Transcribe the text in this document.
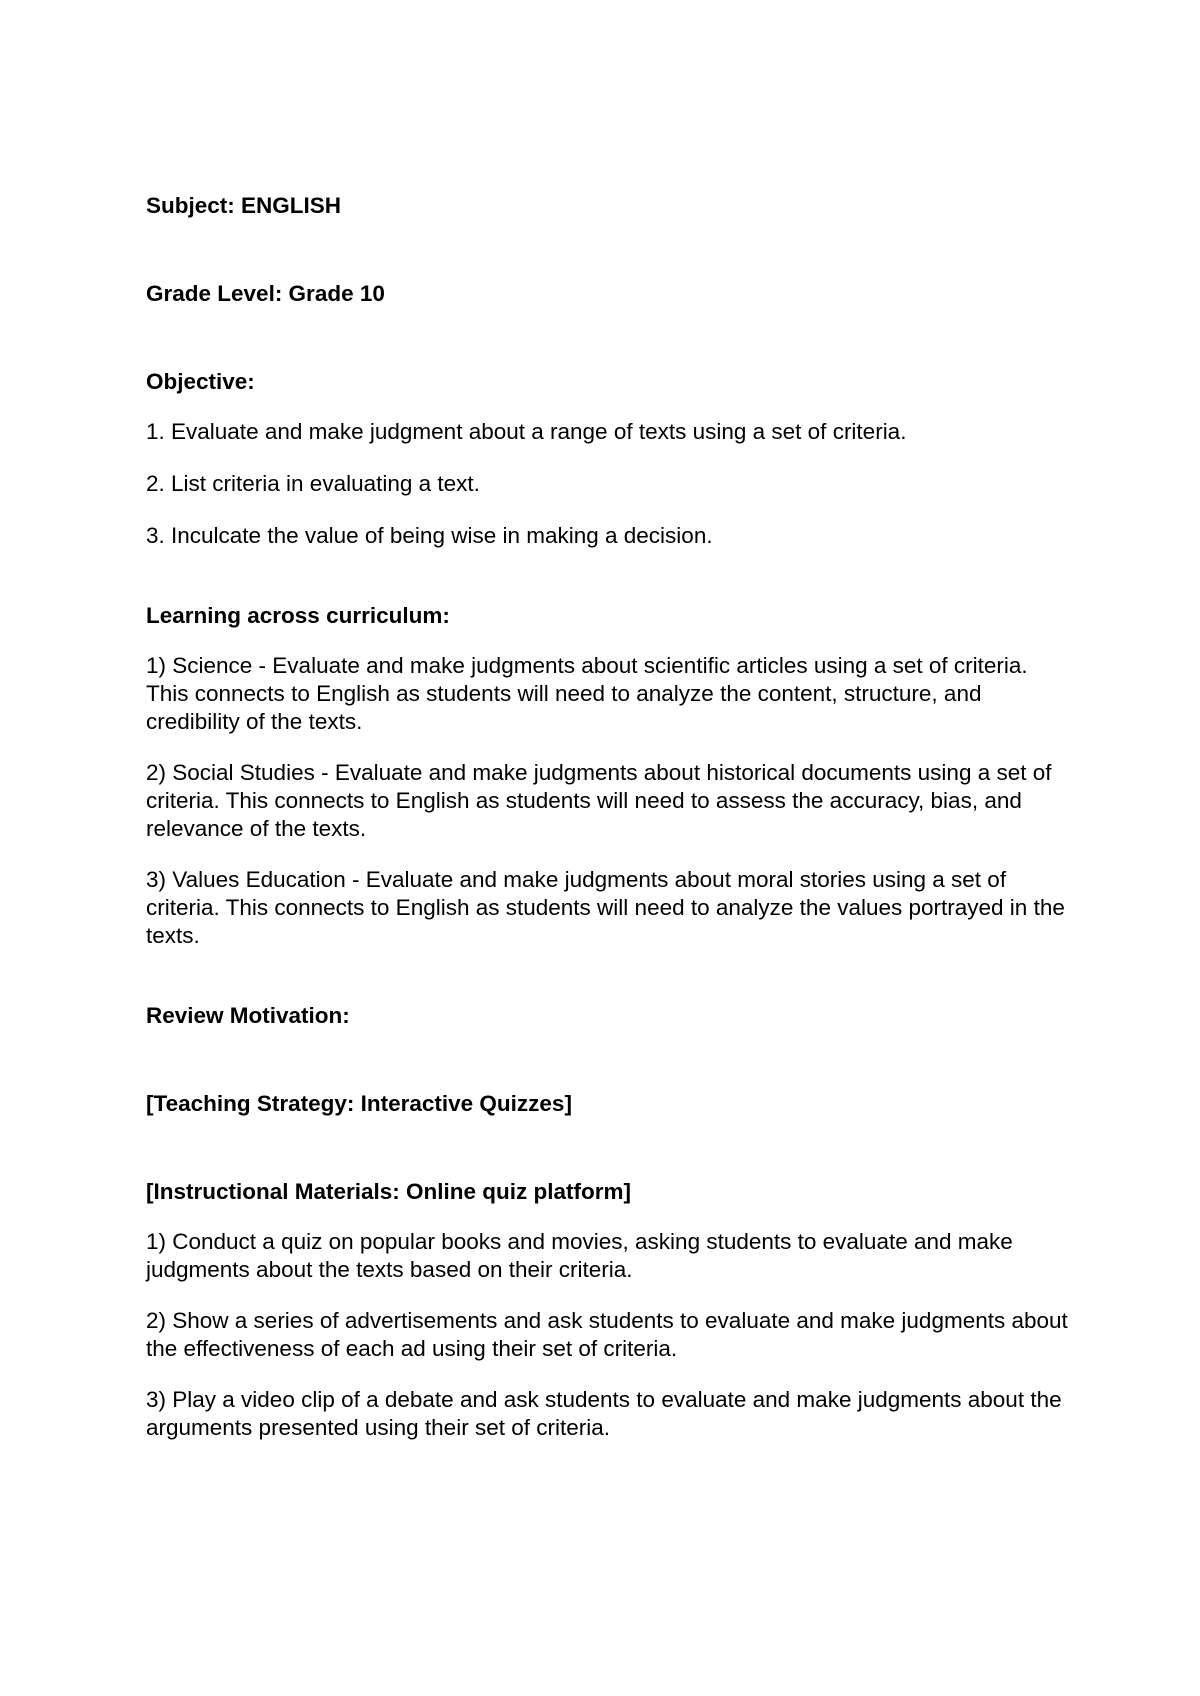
Subject: ENGLISH

Grade Level: Grade 10

Objective:

1. Evaluate and make judgment about a range of texts using a set of criteria.

2. List criteria in evaluating a text.

3. Inculcate the value of being wise in making a decision.

Learning across curriculum:

1) Science - Evaluate and make judgments about scientific articles using a set of criteria. This connects to English as students will need to analyze the content, structure, and credibility of the texts.

2) Social Studies - Evaluate and make judgments about historical documents using a set of criteria. This connects to English as students will need to assess the accuracy, bias, and relevance of the texts.

3) Values Education - Evaluate and make judgments about moral stories using a set of criteria. This connects to English as students will need to analyze the values portrayed in the texts.

Review Motivation:

[Teaching Strategy: Interactive Quizzes]

[Instructional Materials: Online quiz platform]

1) Conduct a quiz on popular books and movies, asking students to evaluate and make judgments about the texts based on their criteria.

2) Show a series of advertisements and ask students to evaluate and make judgments about the effectiveness of each ad using their set of criteria.

3) Play a video clip of a debate and ask students to evaluate and make judgments about the arguments presented using their set of criteria.
